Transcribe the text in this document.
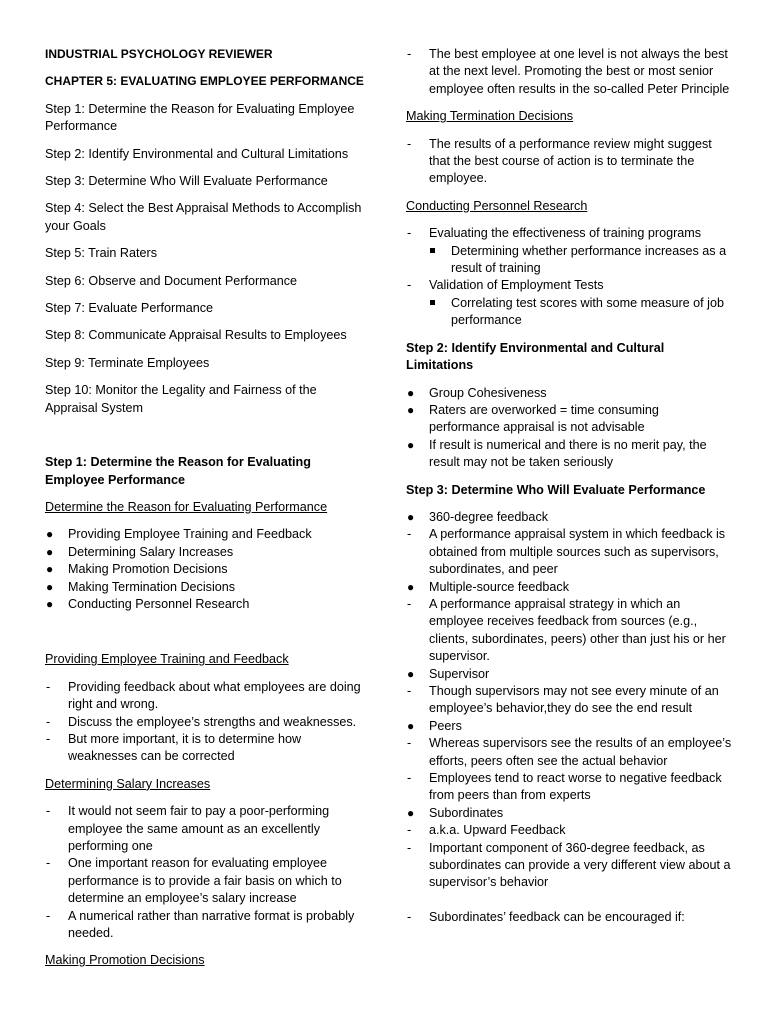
INDUSTRIAL PSYCHOLOGY REVIEWER

CHAPTER 5: EVALUATING EMPLOYEE PERFORMANCE

Step 1: Determine the Reason for Evaluating Employee Performance

Step 2: Identify Environmental and Cultural Limitations

Step 3: Determine Who Will Evaluate Performance

Step 4: Select the Best Appraisal Methods to Accomplish your Goals

Step 5: Train Raters

Step 6: Observe and Document Performance

Step 7: Evaluate Performance

Step 8: Communicate Appraisal Results to Employees

Step 9: Terminate Employees

Step 10: Monitor the Legality and Fairness of the Appraisal System

Step 1: Determine the Reason for Evaluating Employee Performance

Determine the Reason for Evaluating Performance

●	Providing Employee Training and Feedback
●	Determining Salary Increases
●	Making Promotion Decisions
●	Making Termination Decisions
●	Conducting Personnel Research

Providing Employee Training and Feedback

-	Providing feedback about what employees are doing right and wrong.
-	Discuss the employee’s strengths and weaknesses.
-	But more important, it is to determine how weaknesses can be corrected

Determining Salary Increases

-	It would not seem fair to pay a poor-performing employee the same amount as an excellently performing one
-	One important reason for evaluating employee performance is to provide a fair basis on which to determine an employee’s salary increase
-	A numerical rather than narrative format is probably needed.

Making Promotion Decisions

-	The best employee at one level is not always the best at the next level. Promoting the best or most senior employee often results in the so-called Peter Principle

Making Termination Decisions

-	The results of a performance review might suggest that the best course of action is to terminate the employee.

Conducting Personnel Research

-	Evaluating the effectiveness of training programs
Determining whether performance increases as a result of training
-	Validation of Employment Tests
Correlating test scores with some measure of job performance

Step 2: Identify Environmental and Cultural Limitations

●	Group Cohesiveness
●	Raters are overworked = time consuming performance appraisal is not advisable
●	If result is numerical and there is no merit pay, the result may not be taken seriously

Step 3: Determine Who Will Evaluate Performance

●	360-degree feedback
-	A performance appraisal system in which feedback is obtained from multiple sources such as supervisors, subordinates, and peer
●	Multiple-source feedback
-	A performance appraisal strategy in which an employee receives feedback from sources (e.g., clients, subordinates, peers) other than just his or her supervisor.
●	Supervisor
-	Though supervisors may not see every minute of an employee’s behavior,they do see the end result
●	Peers
-	Whereas supervisors see the results of an employee’s efforts, peers often see the actual behavior
-	Employees tend to react worse to negative feedback from peers than from experts
●	Subordinates
-	a.k.a. Upward Feedback
-	Important component of 360-degree feedback, as subordinates can provide a very different view about a supervisor’s behavior
-	Subordinates’ feedback can be encouraged if:
